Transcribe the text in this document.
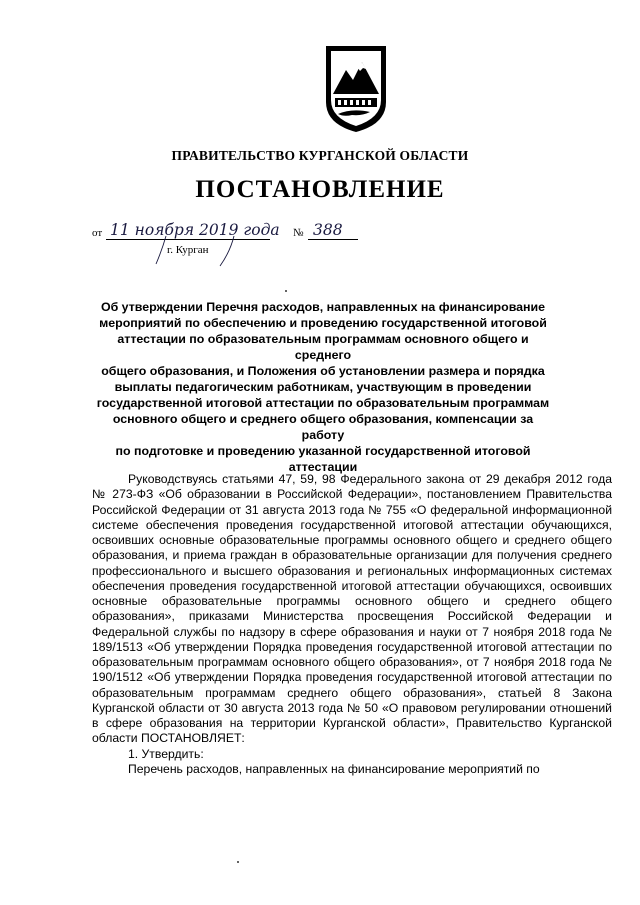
ПРАВИТЕЛЬСТВО КУРГАНСКОЙ ОБЛАСТИ
ПОСТАНОВЛЕНИЕ
от 11 ноября 2019 года № 388
г. Курган
Об утверждении Перечня расходов, направленных на финансирование
мероприятий по обеспечению и проведению государственной итоговой
аттестации по образовательным программам основного общего и среднего
общего образования, и Положения об установлении размера и порядка
выплаты педагогическим работникам, участвующим в проведении
государственной итоговой аттестации по образовательным программам
основного общего и среднего общего образования, компенсации за работу
по подготовке и проведению указанной государственной итоговой
аттестации

Руководствуясь статьями 47, 59, 98 Федерального закона от 29 декабря 2012 года № 273-ФЗ «Об образовании в Российской Федерации», постановлением Правительства Российской Федерации от 31 августа 2013 года № 755 «О федеральной информационной системе обеспечения проведения государственной итоговой аттестации обучающихся, освоивших основные образовательные программы основного общего и среднего общего образования, и приема граждан в образовательные организации для получения среднего профессионального и высшего образования и региональных информационных системах обеспечения проведения государственной итоговой аттестации обучающихся, освоивших основные образовательные программы основного общего и среднего общего образования», приказами Министерства просвещения Российской Федерации и Федеральной службы по надзору в сфере образования и науки от 7 ноября 2018 года № 189/1513 «Об утверждении Порядка проведения государственной итоговой аттестации по образовательным программам основного общего образования», от 7 ноября 2018 года № 190/1512 «Об утверждении Порядка проведения государственной итоговой аттестации по образовательным программам среднего общего образования», статьей 8 Закона Курганской области от 30 августа 2013 года № 50 «О правовом регулировании отношений в сфере образования на территории Курганской области», Правительство Курганской области ПОСТАНОВЛЯЕТ:

1. Утвердить:

Перечень расходов, направленных на финансирование мероприятий по
